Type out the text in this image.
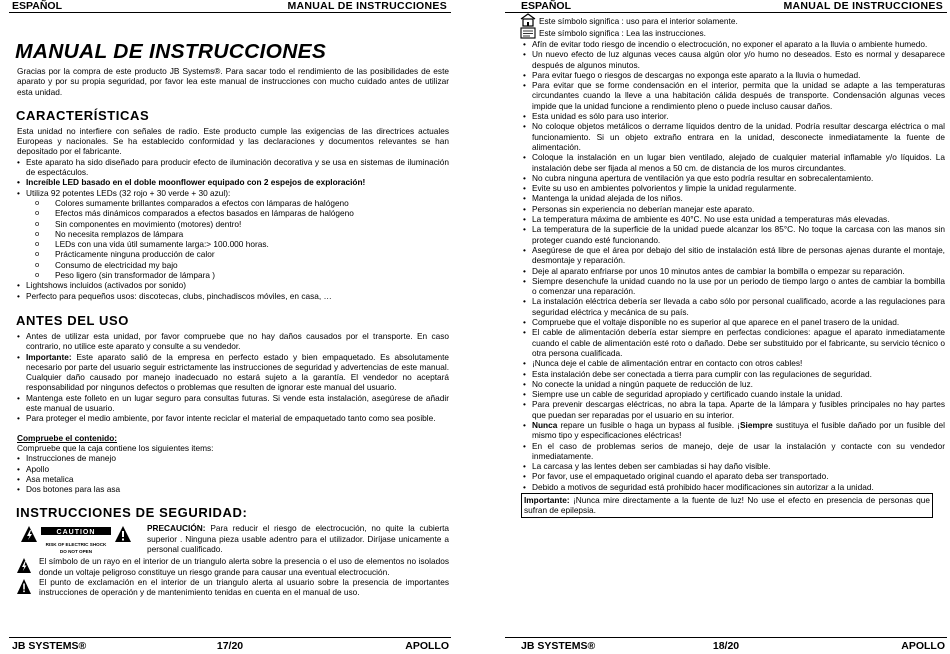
ESPAÑOL	MANUAL DE INSTRUCCIONES
MANUAL DE INSTRUCCIONES

Gracias por la compra de este producto JB Systems®. Para sacar todo el rendimiento de las posibilidades de este aparato y por su propia seguridad, por favor lea este manual de instrucciones con mucho cuidado antes de utilizar esta unidad.

CARACTERÍSTICAS

Esta unidad no interfiere con señales de radio. Este producto cumple las exigencias de las directrices actuales Europeas y nacionales. Se ha establecido conformidad y las declaraciones y documentos relevantes se han depositado por el fabricante.

• Este aparato ha sido diseñado para producir efecto de iluminación decorativa y se usa en sistemas de iluminación de espectáculos.
• Increíble LED basado en el doble moonflower equipado con 2 espejos de exploración!
• Utiliza 92 potentes LEDs (32 rojo + 30 verde + 30 azul):
o Colores sumamente brillantes comparados a efectos con lámparas de halógeno
o Efectos más dinámicos comparados a efectos basados en lámparas de halógeno
o Sin componentes en movimiento (motores) dentro!
o No necesita remplazos de lámpara
o LEDs con una vida útil sumamente larga:> 100.000 horas.
o Prácticamente ninguna producción de calor
o Consumo de electricidad my bajo
o Peso ligero (sin transformador de lámpara )
• Lightshows incluidos (activados por sonido)
• Perfecto para pequeños usos: discotecas, clubs, pinchadiscos móviles, en casa, …
ANTES DEL USO
• Antes de utilizar esta unidad, por favor compruebe que no hay daños causados por el transporte. En caso contrario, no utilice este aparato y consulte a su vendedor.
• Importante: Este aparato salió de la empresa en perfecto estado y bien empaquetado. Es absolutamente necesario por parte del usuario seguir estrictamente las instrucciones de seguridad y advertencias de este manual. Cualquier daño causado por manejo inadecuado no estará sujeto a la garantía. El vendedor no aceptará responsabilidad por ningunos defectos o problemas que resulten de ignorar este manual del usuario.
• Mantenga este folleto en un lugar seguro para consultas futuras. Si vende esta instalación, asegúrese de añadir este manual de usuario.
• Para proteger el medio ambiente, por favor intente reciclar el material de empaquetado tanto como sea posible.

Compruebe el contenido:

Compruebe que la caja contiene los siguientes items:

• Instrucciones de manejo
• Apollo
• Asa metalica
• Dos botones para las asa
INSTRUCCIONES DE SEGURIDAD:
CAUTION
RISK OF ELECTRIC SHOCK
DO NOT OPEN

PRECAUCIÓN: Para reducir el riesgo de electrocución, no quite la cubierta superior . Ninguna pieza usable adentro para el utilizador. Diríjase unicamente a personal cualificado.

El símbolo de un rayo en el interior de un triangulo alerta sobre la presencia o el uso de elementos no isolados donde un voltaje peligroso constituye un riesgo grande para causar una eventual electrocución.

El punto de exclamación en el interior de un triangulo alerta al usuario sobre la presencia de importantes instrucciones de operación y de mantenimiento tenidas en cuenta en el manual de uso.

JB SYSTEMS®	17/20	APOLLO
ESPAÑOL	MANUAL DE INSTRUCCIONES
Este símbolo significa : uso para el interior solamente.
Este símbolo significa : Lea las instrucciones.
• Afín de evitar todo riesgo de incendio o electrocución, no exponer el aparato a la lluvia o ambiente humedo.
• Un nuevo efecto de luz algunas veces causa algún olor y/o humo no deseados. Esto es normal y desaparece después de algunos minutos.
• Para evitar fuego o riesgos de descargas no exponga este aparato a la lluvia o humedad.
• Para evitar que se forme condensación en el interior, permita que la unidad se adapte a las temperaturas circundantes cuando la lleve a una habitación cálida después de transporte. Condensación algunas veces impide que la unidad funcione a rendimiento pleno o puede incluso causar daños.
• Esta unidad es sólo para uso interior.
• No coloque objetos metálicos o derrame líquidos dentro de la unidad. Podría resultar descarga eléctrica o mal funcionamiento. Si un objeto extraño entrara en la unidad, desconecte inmediatamente la fuente de alimentación.
• Coloque la instalación en un lugar bien ventilado, alejado de cualquier material inflamable y/o líquidos. La instalación debe ser fijada al menos a 50 cm. de distancia de los muros circundantes.
• No cubra ninguna apertura de ventilación ya que esto podría resultar en sobrecalentamiento.
• Evite su uso en ambientes polvorientos y limpie la unidad regularmente.
• Mantenga la unidad alejada de los niños.
• Personas sin experiencia no deberían manejar este aparato.
• La temperatura máxima de ambiente es 40°C. No use esta unidad a temperaturas más elevadas.
• La temperatura de la superficie de la unidad puede alcanzar los 85°C. No toque la carcasa con las manos sin proteger cuando esté funcionando.
• Asegúrese de que el área por debajo del sitio de instalación está libre de personas ajenas durante el montaje, desmontaje y reparación.
• Deje al aparato enfriarse por unos 10 minutos antes de cambiar la bombilla o empezar su reparación.
• Siempre desenchufe la unidad cuando no la use por un periodo de tiempo largo o antes de cambiar la bombilla o comenzar una reparación.
• La instalación eléctrica debería ser llevada a cabo sólo por personal cualificado, acorde a las regulaciones para seguridad eléctrica y mecánica de su país.
• Compruebe que el voltaje disponible no es superior al que aparece en el panel trasero de la unidad.
• El cable de alimentación debería estar siempre en perfectas condiciones: apague el aparato inmediatamente cuando el cable de alimentación esté roto o dañado. Debe ser substituido por el fabricante, su servicio técnico o otra persona cualificada.
• ¡Nunca deje el cable de alimentación entrar en contacto con otros cables!
• Esta instalación debe ser conectada a tierra para cumplir con las regulaciones de seguridad.
• No conecte la unidad a ningún paquete de reducción de luz.
• Siempre use un cable de seguridad apropiado y certificado cuando instale la unidad.
• Para prevenir descargas eléctricas, no abra la tapa. Aparte de la lámpara y fusibles principales no hay partes que puedan ser reparadas por el usuario en su interior.
• Nunca repare un fusible o haga un bypass al fusible. ¡Siempre sustituya el fusible dañado por un fusible del mismo tipo y especificaciones eléctricas!
• En el caso de problemas serios de manejo, deje de usar la instalación y contacte con su vendedor inmediatamente.
• La carcasa y las lentes deben ser cambiadas si hay daño visible.
• Por favor, use el empaquetado original cuando el aparato deba ser transportado.
• Debido a motivos de seguridad está prohibido hacer modificaciones sin autorizar a la unidad.

Importante: ¡Nunca mire directamente a la fuente de luz! No use el efecto en presencia de personas que sufran de epilepsia.

JB SYSTEMS®	18/20	APOLLO
